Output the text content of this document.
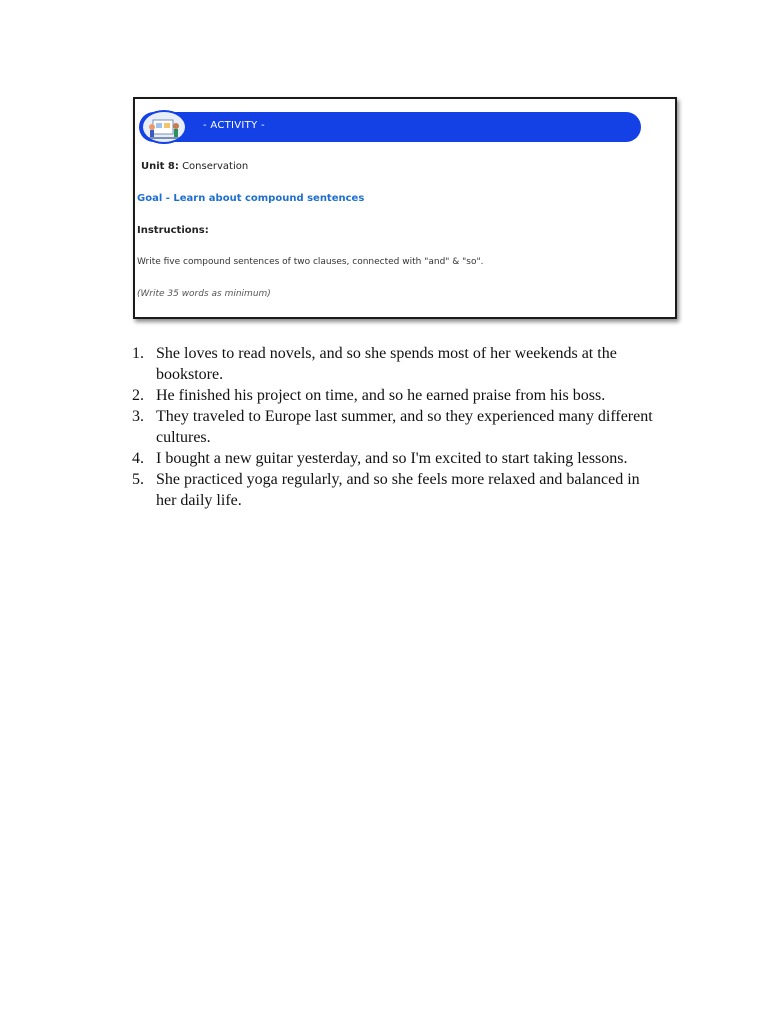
- ACTIVITY -
Unit 8: Conservation
Goal - Learn about compound sentences
Instructions:
Write five compound sentences of two clauses, connected with "and" & "so".
(Write 35 words as minimum)
1. She loves to read novels, and so she spends most of her weekends at the bookstore.
2. He finished his project on time, and so he earned praise from his boss.
3. They traveled to Europe last summer, and so they experienced many different cultures.
4. I bought a new guitar yesterday, and so I'm excited to start taking lessons.
5. She practiced yoga regularly, and so she feels more relaxed and balanced in her daily life.
